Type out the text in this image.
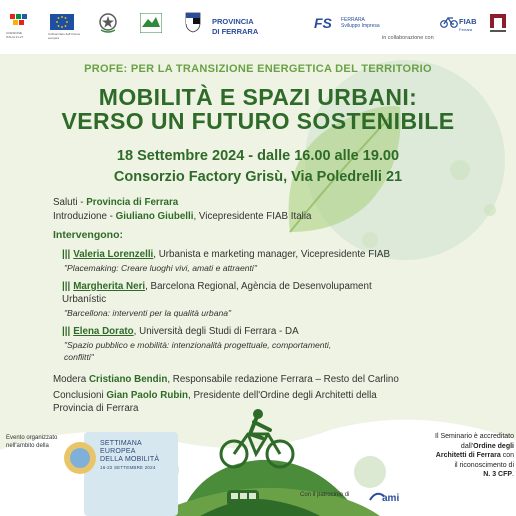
COESIONE
ITALIA 21-27
Cofinanziato dall'Unione europea
PROVINCIA
DI FERRARA
FS FERRARA
Sviluppo Impresa
in collaborazione con
FIAB
Ferrara
PROFE: PER LA TRANSIZIONE ENERGETICA DEL TERRITORIO
MOBILITÀ E SPAZI URBANI:
VERSO UN FUTURO SOSTENIBILE
18 Settembre 2024 - dalle 16.00 alle 19.00
Consorzio Factory Grisù, Via Poledrelli 21
Saluti - Provincia di Ferrara
Introduzione - Giuliano Giubelli, Vicepresidente FIAB Italia
Intervengono:
||| Valeria Lorenzelli, Urbanista e marketing manager, Vicepresidente FIAB
"Placemaking: Creare luoghi vivi, amati e attraenti"
||| Margherita Neri, Barcelona Regional, Agència de Desenvolupament
Urbanístic
"Barcellona: interventi per la qualità urbana"
||| Elena Dorato, Università degli Studi di Ferrara - DA
"Spazio pubblico e mobilità: intenzionalità progettuale, comportamenti,
conflitti"
Modera Cristiano Bendin, Responsabile redazione Ferrara – Resto del Carlino
Conclusioni Gian Paolo Rubin, Presidente dell'Ordine degli Architetti della
Provincia di Ferrara
Evento organizzato nell'ambito della	SETTIMANA
EUROPEA
DELLA MOBILITÀ
16-22 SETTEMBRE 2024
Con il patrocinio di	ami
Il Seminario è accreditato
dall'Ordine degli
Architetti di Ferrara con
il riconoscimento di
N. 3 CFP.
